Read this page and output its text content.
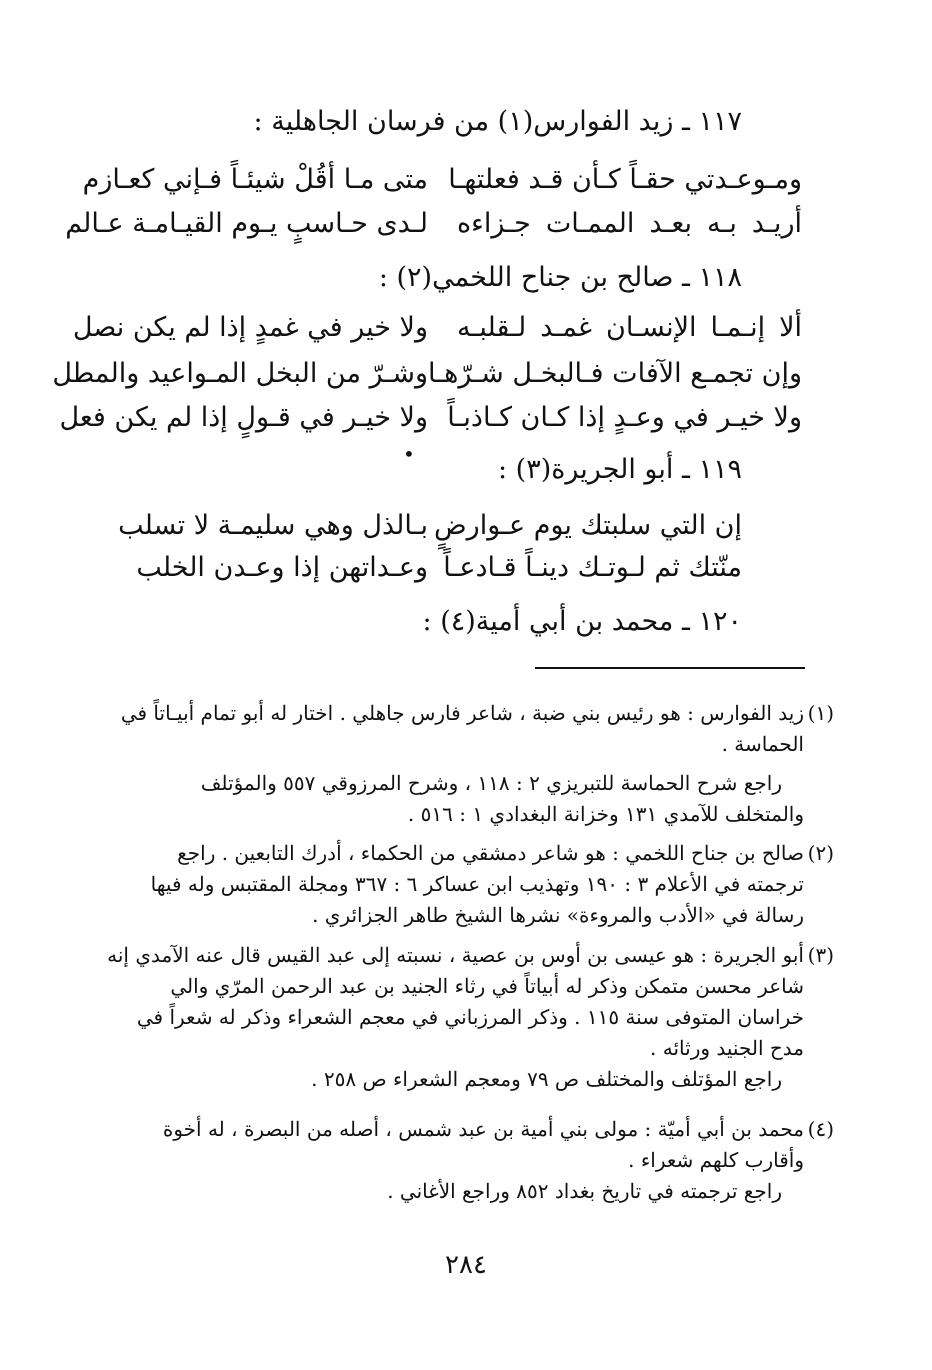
١١٧ ـ زيد الفوارس(١) من فرسان الجاهلية :
ومـوعـدتي حقـاً كـأن قـد فعلتهـا
متى مـا أقُلْ شيئـاً فـإني كعـازم
أريـد بـه بعـد الممـات جـزاءه
لـدى حـاسبٍ يـوم القيـامـة عـالم
١١٨ ـ صالح بن جناح اللخمي(٢) :
ألا إنـمـا الإنسـان غمـد لـقلبـه
ولا خير في غمدٍ إذا لم يكن نصل
وإن تجمـع الآفات فـالبخـل شـرّهـا
وشـرّ من البخل المـواعيد والمطل
ولا خيـر في وعـدٍ إذا كـان كـاذبـاً
ولا خيـر في قـولٍ إذا لم يكن فعل
•	١١٩ ـ أبو الجريرة(٣) :
إن التي سلبتك يوم عـوارضٍ
بـالذل وهي سليمـة لا تسلب
منّتك ثم لـوتـك دينـاً قـادعـاً
وعـداتهن إذا وعـدن الخلب
١٢٠ ـ محمد بن أبي أمية(٤) :
(١)
زيد الفوارس : هو رئيس بني ضبة ، شاعر فارس جاهلي . اختار له أبو تمام أبيـاتاً في
الحماسة .
راجع شرح الحماسة للتبريزي ٢ : ١١٨ ، وشرح المرزوقي ٥٥٧ والمؤتلف
والمتخلف للآمدي ١٣١ وخزانة البغدادي ١ : ٥١٦ .
(٢)
صالح بن جناح اللخمي : هو شاعر دمشقي من الحكماء ، أدرك التابعين . راجع
ترجمته في الأعلام ٣ : ١٩٠ وتهذيب ابن عساكر ٦ : ٣٦٧ ومجلة المقتبس وله فيها
رسالة في «الأدب والمروءة» نشرها الشيخ طاهر الجزائري .
(٣)
أبو الجريرة : هو عيسى بن أوس بن عصية ، نسبته إلى عبد القيس قال عنه الآمدي إنه
شاعر محسن متمكن وذكر له أبياتاً في رثاء الجنيد بن عبد الرحمن المرّي والي
خراسان المتوفى سنة ١١٥ . وذكر المرزباني في معجم الشعراء وذكر له شعراً في
مدح الجنيد ورثائه .
راجع المؤتلف والمختلف ص ٧٩ ومعجم الشعراء ص ٢٥٨ .
(٤)
محمد بن أبي أميّة : مولى بني أمية بن عبد شمس ، أصله من البصرة ، له أخوة
وأقارب كلهم شعراء .
راجع ترجمته في تاريخ بغداد ٨٥٢ وراجع الأغاني .
٢٨٤
